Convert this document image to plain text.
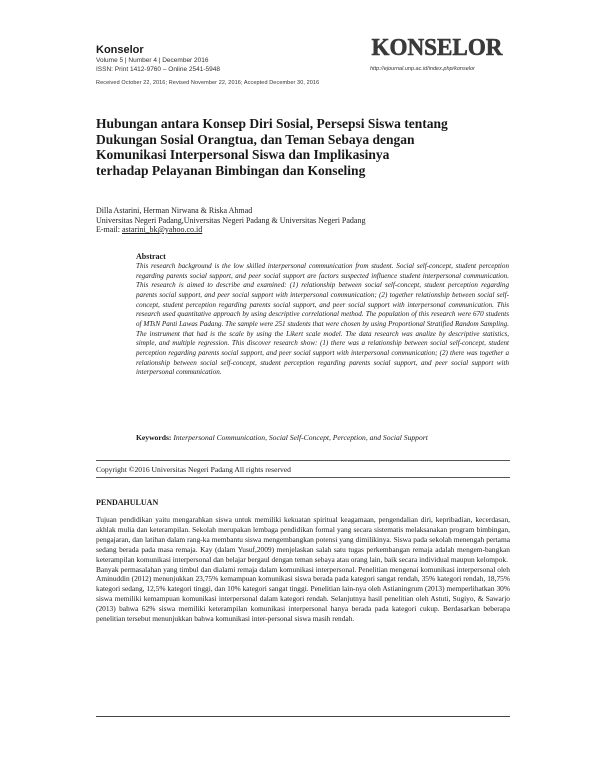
Konselor
Volume 5 | Number 4 | December 2016
ISSN: Print 1412-9760 – Online 2541-5948
KONSELOR
http://ejournal.unp.ac.id/index.php/konselor
Received October 22, 2016; Revised November 22, 2016; Accepted December 30, 2016
Hubungan antara Konsep Diri Sosial, Persepsi Siswa tentang
Dukungan Sosial Orangtua, dan Teman Sebaya dengan
Komunikasi Interpersonal Siswa dan Implikasinya
terhadap Pelayanan Bimbingan dan Konseling
Dilla Astarini, Herman Nirwana & Riska Ahmad
Universitas Negeri Padang,Universitas Negeri Padang & Universitas Negeri Padang
E-mail: astarini_bk@yahoo.co.id
Abstract
This research background is the low skilled interpersonal communication from student. Social self-concept, student perception regarding parents social support, and peer social support are factors suspected influence student interpersonal communication. This research is aimed to describe and examined: (1) relationship between social self-concept, student perception regarding parents social support, and peer social support with interpersonal communication; (2) together relationship between social self-concept, student perception regarding parents social support, and peer social support with interpersonal communication. This research used quantitative approach by using descriptive correlational method. The population of this research were 670 students of MTsN Panti Lawas Padang. The sample were 251 students that were chosen by using Proportional Stratified Random Sampling. The instrument that had is the scale by using the Likert scale model. The data research was analize by descriptive statistics, simple, and multiple regression. This discover research show: (1) there was a relationship between social self-concept, student perception regarding parents social support, and peer social support with interpersonal communication; (2) there was together a relationship between social self-concept, student perception regarding parents social support, and peer social support with interpersonal communication.
Keywords: Interpersonal Communication, Social Self-Concept, Perception, and Social Support
Copyright ©2016 Universitas Negeri Padang All rights reserved
PENDAHULUAN

Tujuan pendidikan yaitu mengarahkan siswa untuk memiliki kekuatan spiritual keagamaan, pengendalian diri, kepribadian, kecerdasan, akhlak mulia dan keterampilan. Sekolah merupakan lembaga pendidikan formal yang secara sistematis melaksanakan program bimbingan, pengajaran, dan latihan dalam rang-ka membantu siswa mengembangkan potensi yang dimilikinya. Siswa pada sekolah menengah pertama sedang berada pada masa remaja. Kay (dalam Yusuf,2009) menjelaskan salah satu tugas perkembangan remaja adalah mengem-bangkan keterampilan komunikasi interpersonal dan belajar bergaul dengan teman sebaya atau orang lain, baik secara individual maupun kelompok.

Banyak permasalahan yang timbul dan dialami remaja dalam komunikasi interpersonal. Penelitian mengenai komunikasi interpersonal oleh Aminuddin (2012) menunjukkan 23,75% kemampuan komunikasi siswa berada pada kategori sangat rendah, 35% kategori rendah, 18,75% kategori sedang, 12,5% kategori tinggi, dan 10% kategori sangat tinggi. Penelitian lain-nya oleh Astianingrum (2013) memperlihatkan 30% siswa memiliki kemampuan komunikasi interpersonal dalam kategori rendah. Selanjutnya hasil penelitian oleh Astuti, Sugiyo, & Sawarjo (2013) bahwa 62% siswa memiliki keterampilan komunikasi interpersonal hanya berada pada kategori cukup. Berdasarkan beberapa penelitian tersebut menunjukkan bahwa komunikasi inter-personal siswa masih rendah.
